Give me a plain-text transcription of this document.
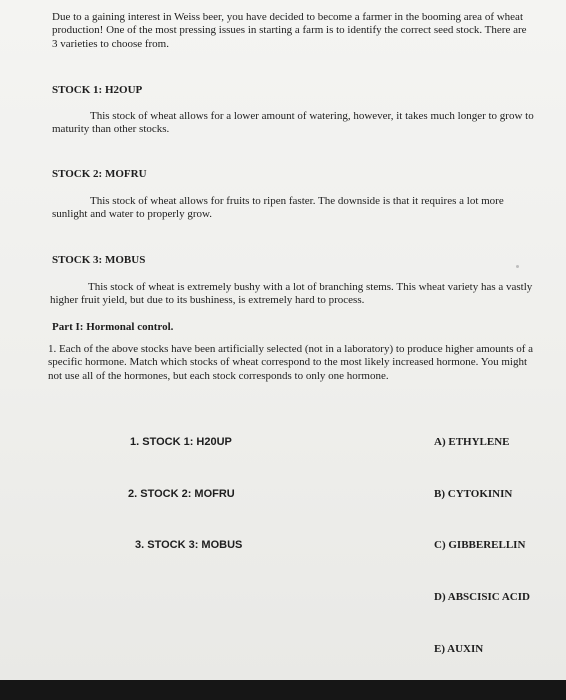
Due to a gaining interest in Weiss beer, you have decided to become a farmer in the booming area of wheat production! One of the most pressing issues in starting a farm is to identify the correct seed stock. There are 3 varieties to choose from.

STOCK 1: H2OUP

This stock of wheat allows for a lower amount of watering, however, it takes much longer to grow to maturity than other stocks.

STOCK 2: MOFRU

This stock of wheat allows for fruits to ripen faster. The downside is that it requires a lot more sunlight and water to properly grow.

STOCK 3: MOBUS

This stock of wheat is extremely bushy with a lot of branching stems. This wheat variety has a vastly higher fruit yield, but due to its bushiness, is extremely hard to process.

Part I: Hormonal control.

1. Each of the above stocks have been artificially selected (not in a laboratory) to produce higher amounts of a specific hormone. Match which stocks of wheat correspond to the most likely increased hormone. You might not use all of the hormones, but each stock corresponds to only one hormone.

1. STOCK 1: H20UP

2. STOCK 2: MOFRU

3. STOCK 3: MOBUS

A) ETHYLENE

B) CYTOKININ

C) GIBBERELLIN

D) ABSCISIC ACID

E) AUXIN
